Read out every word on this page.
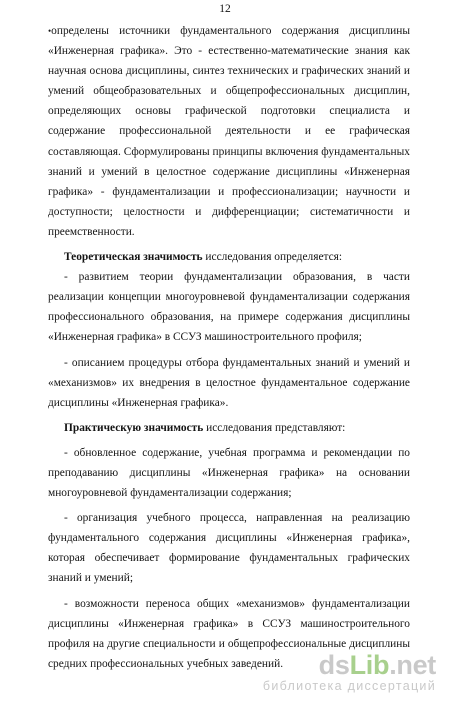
12

•определены источники фундаментального содержания дисциплины «Инженерная графика». Это - естественно-математические знания как научная основа дисциплины, синтез технических и графических знаний и умений общеобразовательных и общепрофессиональных дисциплин, определяющих основы графической подготовки специалиста и содержание профессиональной деятельности и ее графическая составляющая. Сформулированы принципы включения фундаментальных знаний и умений в целостное содержание дисциплины «Инженерная графика» - фундаментализации и профессионализации; научности и доступности; целостности и дифференциации; систематичности и преемственности.

Теоретическая значимость исследования определяется:

- развитием теории фундаментализации образования, в части реализации концепции многоуровневой фундаментализации содержания профессионального образования, на примере содержания дисциплины «Инженерная графика» в ССУЗ машиностроительного профиля;

- описанием процедуры отбора фундаментальных знаний и умений и «механизмов» их внедрения в целостное фундаментальное содержание дисциплины «Инженерная графика».

Практическую значимость исследования представляют:

- обновленное содержание, учебная программа и рекомендации по преподаванию дисциплины «Инженерная графика» на основании многоуровневой фундаментализации содержания;

- организация учебного процесса, направленная на реализацию фундаментального содержания дисциплины «Инженерная графика», которая обеспечивает формирование фундаментальных графических знаний и умений;

- возможности переноса общих «механизмов» фундаментализации дисциплины «Инженерная графика» в ССУЗ машиностроительного профиля на другие специальности и общепрофессиональные дисциплины средних профессиональных учебных заведений.	dsLib.net
библиотека диссертаций
